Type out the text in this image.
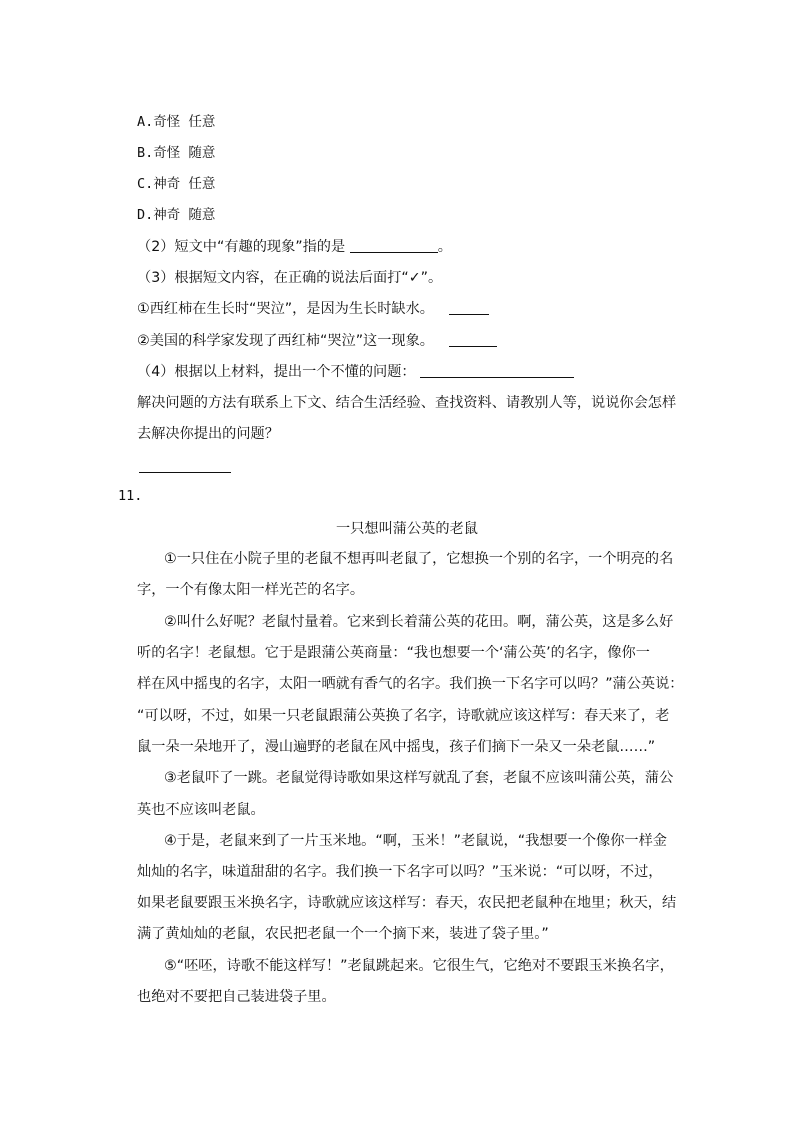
A.奇怪 任意
B.奇怪 随意
C.神奇 任意
D.神奇 随意
（2）短文中“有趣的现象”指的是	。
（3）根据短文内容，在正确的说法后面打“✓”。
①西红柿在生长时“哭泣”，是因为生长时缺水。
②美国的科学家发现了西红柿“哭泣”这一现象。
（4）根据以上材料，提出一个不懂的问题：
解决问题的方法有联系上下文、结合生活经验、查找资料、请教别人等，说说你会怎样
去解决你提出的问题？
11.
一只想叫蒲公英的老鼠
①一只住在小院子里的老鼠不想再叫老鼠了，它想换一个别的名字，一个明亮的名
字，一个有像太阳一样光芒的名字。
②叫什么好呢？老鼠忖量着。它来到长着蒲公英的花田。啊，蒲公英，这是多么好
听的名字！老鼠想。它于是跟蒲公英商量：“我也想要一个‘蒲公英’的名字，像你一
样在风中摇曳的名字，太阳一晒就有香气的名字。我们换一下名字可以吗？”蒲公英说：
“可以呀，不过，如果一只老鼠跟蒲公英换了名字，诗歌就应该这样写：春天来了，老
鼠一朵一朵地开了，漫山遍野的老鼠在风中摇曳，孩子们摘下一朵又一朵老鼠……”
③老鼠吓了一跳。老鼠觉得诗歌如果这样写就乱了套，老鼠不应该叫蒲公英，蒲公
英也不应该叫老鼠。
④于是，老鼠来到了一片玉米地。“啊，玉米！”老鼠说，“我想要一个像你一样金
灿灿的名字，味道甜甜的名字。我们换一下名字可以吗？”玉米说：“可以呀，不过，
如果老鼠要跟玉米换名字，诗歌就应该这样写：春天，农民把老鼠种在地里；秋天，结
满了黄灿灿的老鼠，农民把老鼠一个一个摘下来，装进了袋子里。”
⑤“呸呸，诗歌不能这样写！”老鼠跳起来。它很生气，它绝对不要跟玉米换名字，
也绝对不要把自己装进袋子里。
